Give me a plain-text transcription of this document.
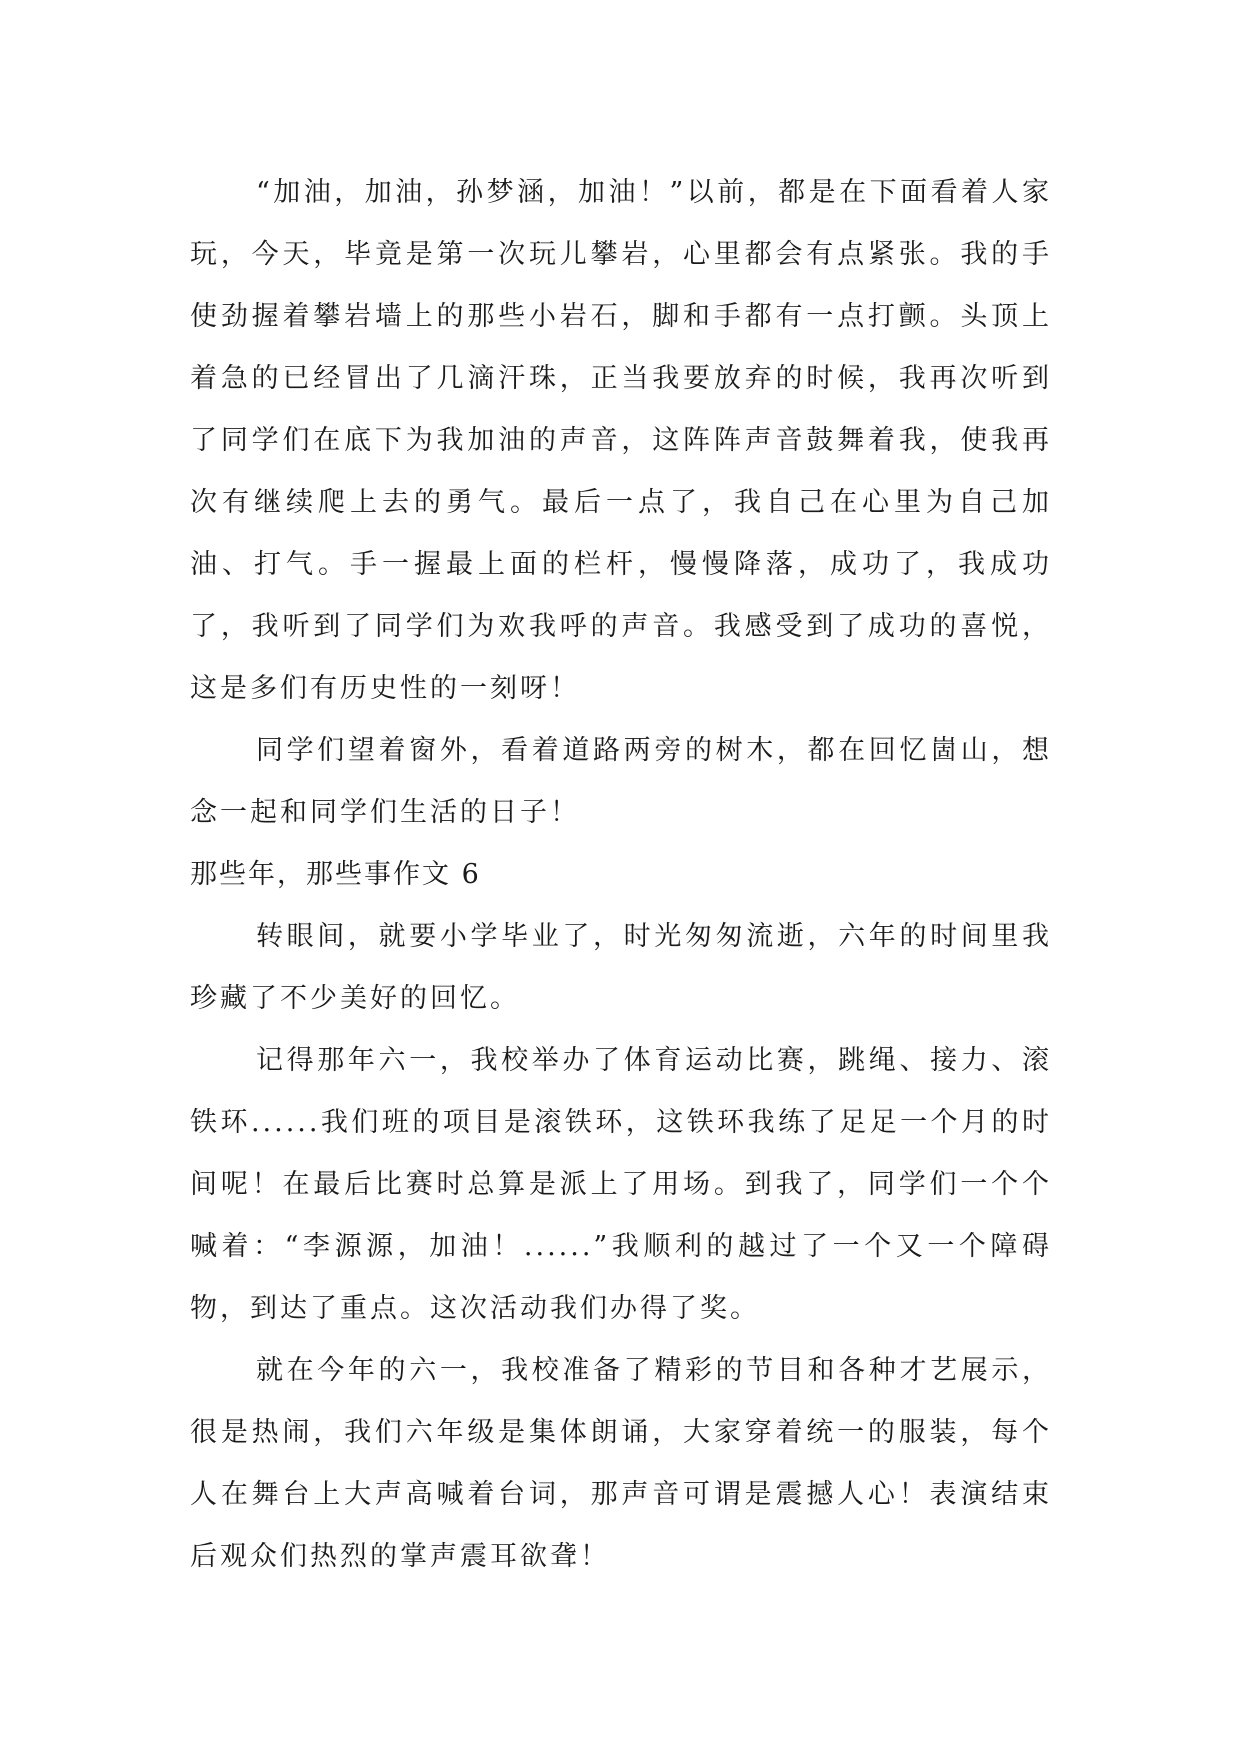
“加油，加油，孙梦涵，加油！”以前，都是在下面看着人家玩，今天，毕竟是第一次玩儿攀岩，心里都会有点紧张。我的手使劲握着攀岩墙上的那些小岩石，脚和手都有一点打颤。头顶上着急的已经冒出了几滴汗珠，正当我要放弃的时候，我再次听到了同学们在底下为我加油的声音，这阵阵声音鼓舞着我，使我再次有继续爬上去的勇气。最后一点了，我自己在心里为自己加油、打气。手一握最上面的栏杆，慢慢降落，成功了，我成功了，我听到了同学们为欢我呼的声音。我感受到了成功的喜悦，这是多们有历史性的一刻呀！

同学们望着窗外，看着道路两旁的树木，都在回忆崮山，想念一起和同学们生活的日子！

那些年，那些事作文 6

转眼间，就要小学毕业了，时光匆匆流逝，六年的时间里我珍藏了不少美好的回忆。

记得那年六一，我校举办了体育运动比赛，跳绳、接力、滚铁环......我们班的项目是滚铁环，这铁环我练了足足一个月的时间呢！在最后比赛时总算是派上了用场。到我了，同学们一个个喊着：“李源源，加油！......”我顺利的越过了一个又一个障碍物，到达了重点。这次活动我们办得了奖。

就在今年的六一，我校准备了精彩的节目和各种才艺展示，很是热闹，我们六年级是集体朗诵，大家穿着统一的服装，每个人在舞台上大声高喊着台词，那声音可谓是震撼人心！表演结束后观众们热烈的掌声震耳欲聋！
